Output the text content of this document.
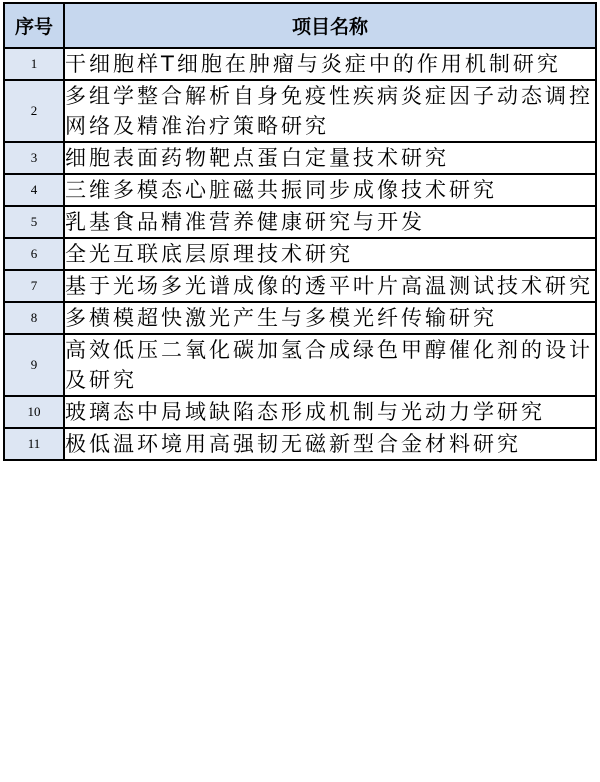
序号	项目名称
1	干细胞样T细胞在肿瘤与炎症中的作用机制研究
2	多组学整合解析自身免疫性疾病炎症因子动态调控网络及精准治疗策略研究
3	细胞表面药物靶点蛋白定量技术研究
4	三维多模态心脏磁共振同步成像技术研究
5	乳基食品精准营养健康研究与开发
6	全光互联底层原理技术研究
7	基于光场多光谱成像的透平叶片高温测试技术研究
8	多横模超快激光产生与多模光纤传输研究
9	高效低压二氧化碳加氢合成绿色甲醇催化剂的设计及研究
10	玻璃态中局域缺陷态形成机制与光动力学研究
11	极低温环境用高强韧无磁新型合金材料研究
